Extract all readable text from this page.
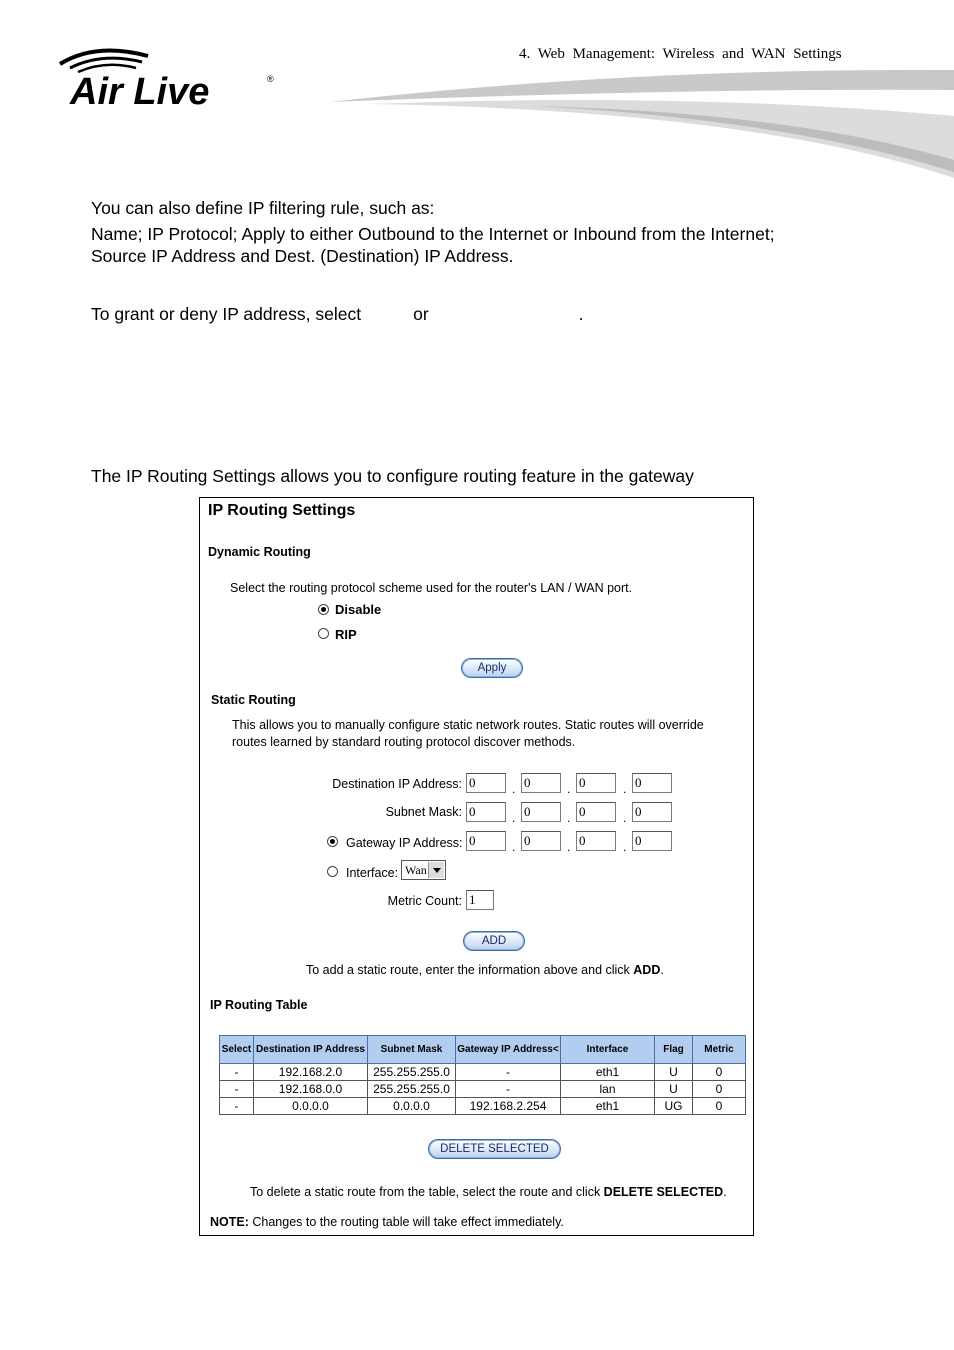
4. Web Management: Wireless and WAN Settings
Air Live	®
You can also define IP filtering rule, such as:
Name; IP Protocol; Apply to either Outbound to the Internet or Inbound from the Internet;
Source IP Address and Dest. (Destination) IP Address.
To grant or deny IP address, select	or	.
The IP Routing Settings allows you to configure routing feature in the gateway
IP Routing Settings
Dynamic Routing
Select the routing protocol scheme used for the router's LAN / WAN port.
Disable
RIP
Apply
Static Routing
This allows you to manually configure static network routes. Static routes will override
routes learned by standard routing protocol discover methods.
Destination IP Address: 0	. 0	. 0	. 0
Subnet Mask: 0	. 0	. 0	. 0
Gateway IP Address: 0	. 0	. 0	. 0
Interface: Wan
Metric Count: 1
ADD
To add a static route, enter the information above and click ADD.
IP Routing Table
Select	Destination IP Address	Subnet Mask	Gateway IP Address<	Interface	Flag	Metric
-	192.168.2.0	255.255.255.0	-	eth1	U	0
-	192.168.0.0	255.255.255.0	-	lan	U	0
-	0.0.0.0	0.0.0.0	192.168.2.254	eth1	UG	0
DELETE SELECTED
To delete a static route from the table, select the route and click DELETE SELECTED.
NOTE: Changes to the routing table will take effect immediately.
